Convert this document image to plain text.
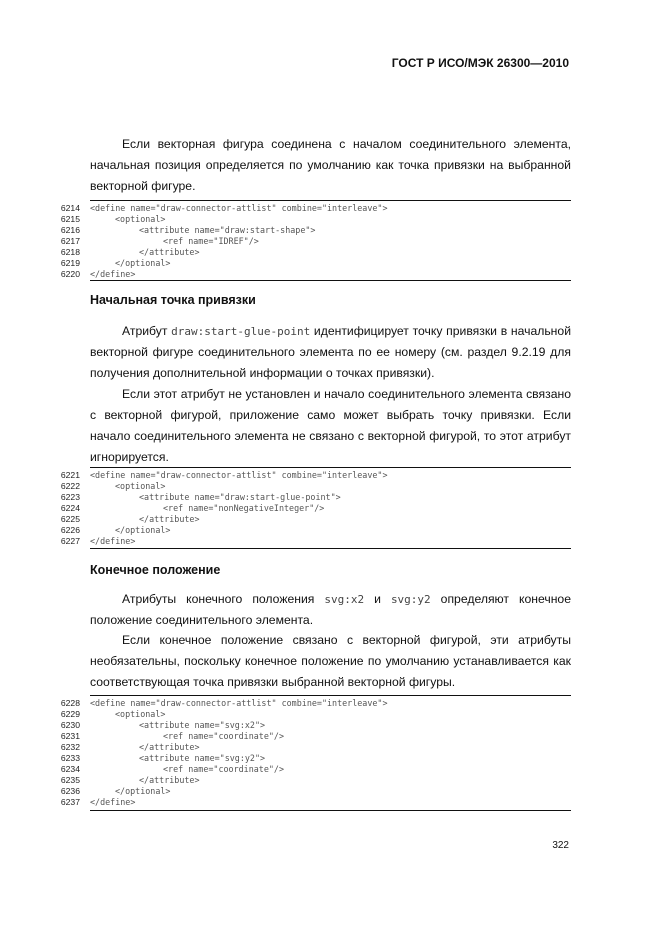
ГОСТ Р ИСО/МЭК 26300—2010
Если векторная фигура соединена с началом соединительного элемента, начальная позиция определяется по умолчанию как точка привязки на выбранной векторной фигуре.
6214 <define name="draw-connector-attlist" combine="interleave">
6215	<optional>
6216	<attribute name="draw:start-shape">
6217	<ref name="IDREF"/>
6218	</attribute>
6219	</optional>
6220 </define>
Начальная точка привязки
Атрибут draw:start-glue-point идентифицирует точку привязки в начальной векторной фигуре соединительного элемента по ее номеру (см. раздел 9.2.19 для получения дополнительной информации о точках привязки).
Если этот атрибут не установлен и начало соединительного элемента связано с векторной фигурой, приложение само может выбрать точку привязки. Если начало соединительного элемента не связано с векторной фигурой, то этот атрибут игнорируется.
6221 <define name="draw-connector-attlist" combine="interleave">
6222	<optional>
6223	<attribute name="draw:start-glue-point">
6224	<ref name="nonNegativeInteger"/>
6225	</attribute>
6226	</optional>
6227 </define>
Конечное положение
Атрибуты конечного положения svg:x2 и svg:y2 определяют конечное положение соединительного элемента.
Если конечное положение связано с векторной фигурой, эти атрибуты необязательны, поскольку конечное положение по умолчанию устанавливается как соответствующая точка привязки выбранной векторной фигуры.
6228 <define name="draw-connector-attlist" combine="interleave">
6229	<optional>
6230	<attribute name="svg:x2">
6231	<ref name="coordinate"/>
6232	</attribute>
6233	<attribute name="svg:y2">
6234	<ref name="coordinate"/>
6235	</attribute>
6236	</optional>
6237 </define>
322
